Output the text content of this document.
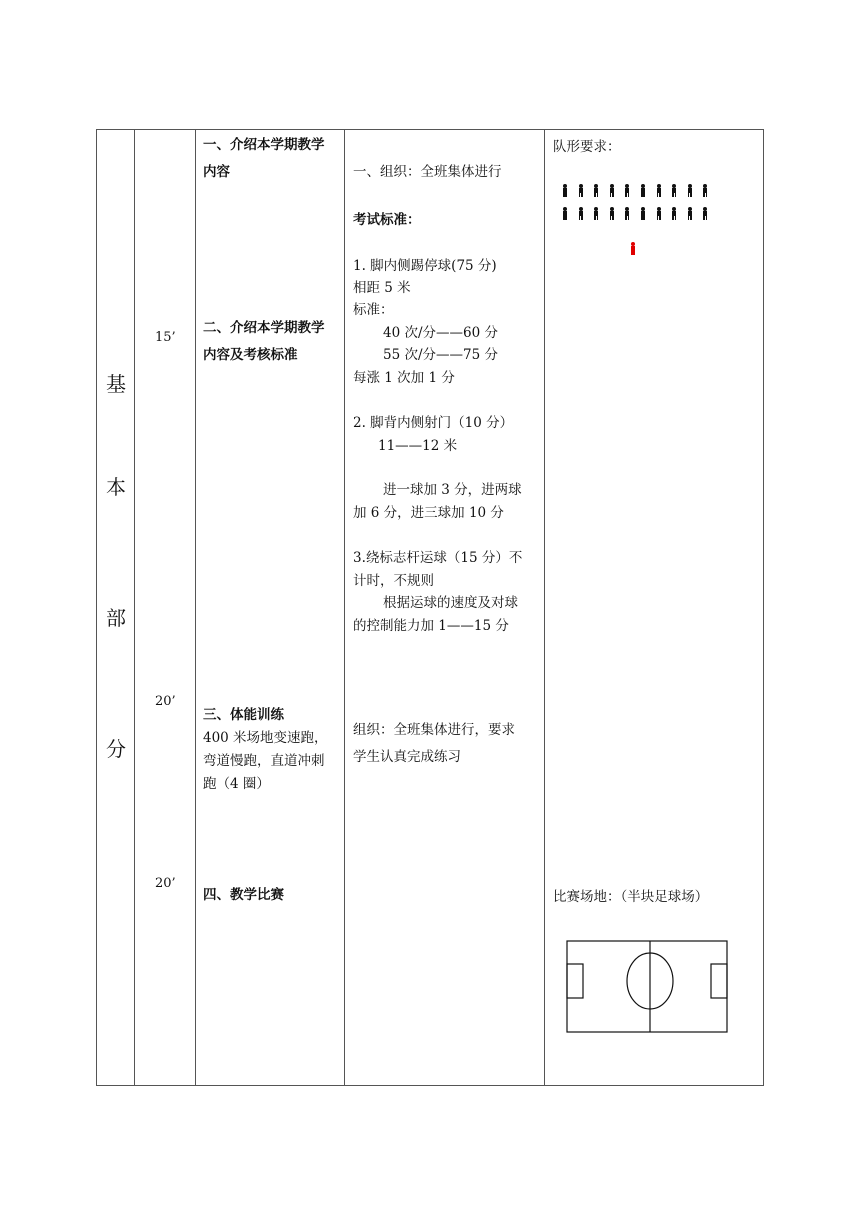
基
本
部
分
15’
20’
20’
一、介绍本学期教学
内容
二、介绍本学期教学
内容及考核标准
三、体能训练
400 米场地变速跑，
弯道慢跑，直道冲刺
跑（4 圈）
四、教学比赛
一、组织：全班集体进行
考试标准：
1. 脚内侧踢停球(75 分)
相距 5 米
标准：
40 次/分——60 分
55 次/分——75 分
每涨 1 次加 1 分
2. 脚背内侧射门（10 分）
11——12 米
进一球加 3 分，进两球
加 6 分，进三球加 10 分
3.绕标志杆运球（15 分）不
计时，不规则
根据运球的速度及对球
的控制能力加 1——15 分
组织：全班集体进行，要求
学生认真完成练习
队形要求：
比赛场地：（半块足球场）
